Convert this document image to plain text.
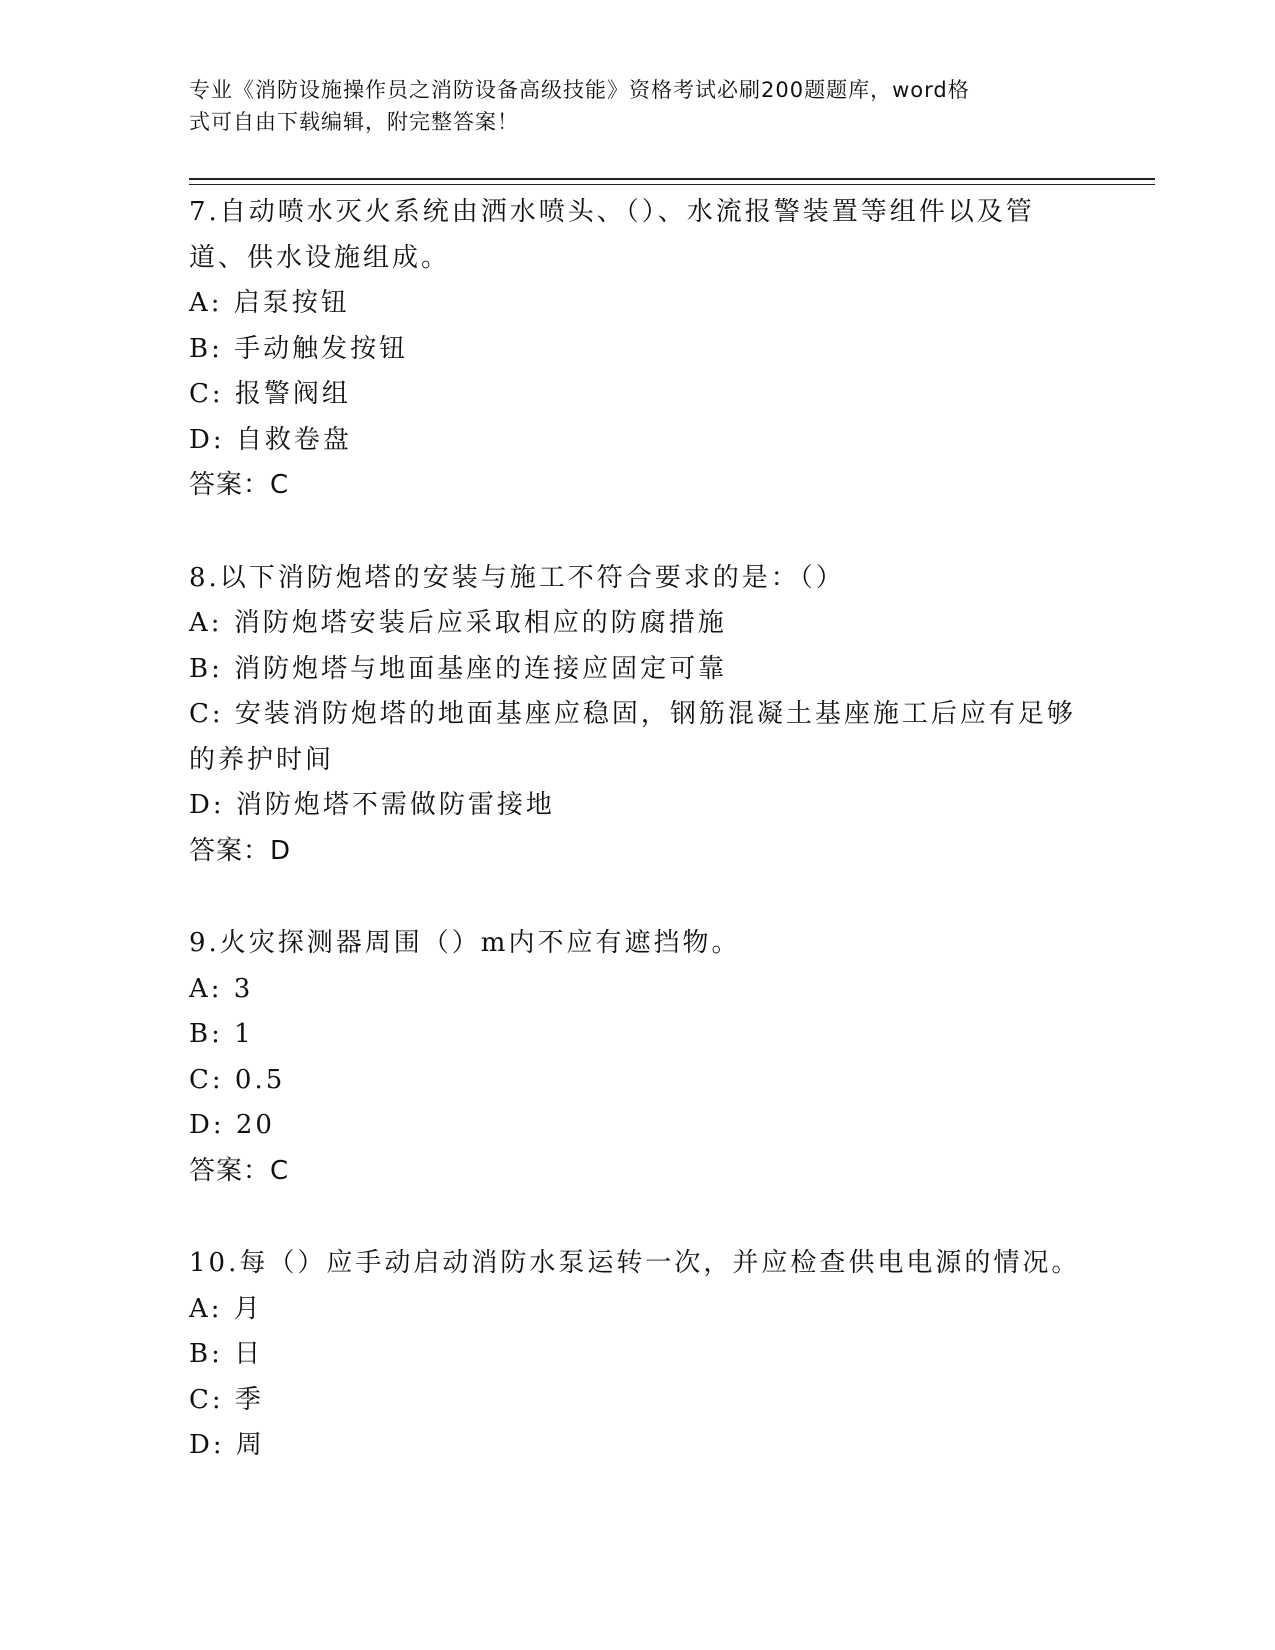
专业《消防设施操作员之消防设备高级技能》资格考试必刷200题题库，word格
式可自由下载编辑，附完整答案！
7.自动喷水灭火系统由洒水喷头、（）、水流报警装置等组件以及管
道、供水设施组成。
A: 启泵按钮
B: 手动触发按钮
C: 报警阀组
D: 自救卷盘
答案：C
8.以下消防炮塔的安装与施工不符合要求的是：（）
A: 消防炮塔安装后应采取相应的防腐措施
B: 消防炮塔与地面基座的连接应固定可靠
C: 安装消防炮塔的地面基座应稳固，钢筋混凝土基座施工后应有足够
的养护时间
D: 消防炮塔不需做防雷接地
答案：D
9.火灾探测器周围（）m内不应有遮挡物。
A: 3
B: 1
C: 0.5
D: 20
答案：C
10.每（）应手动启动消防水泵运转一次，并应检查供电电源的情况。
A: 月
B: 日
C: 季
D: 周
